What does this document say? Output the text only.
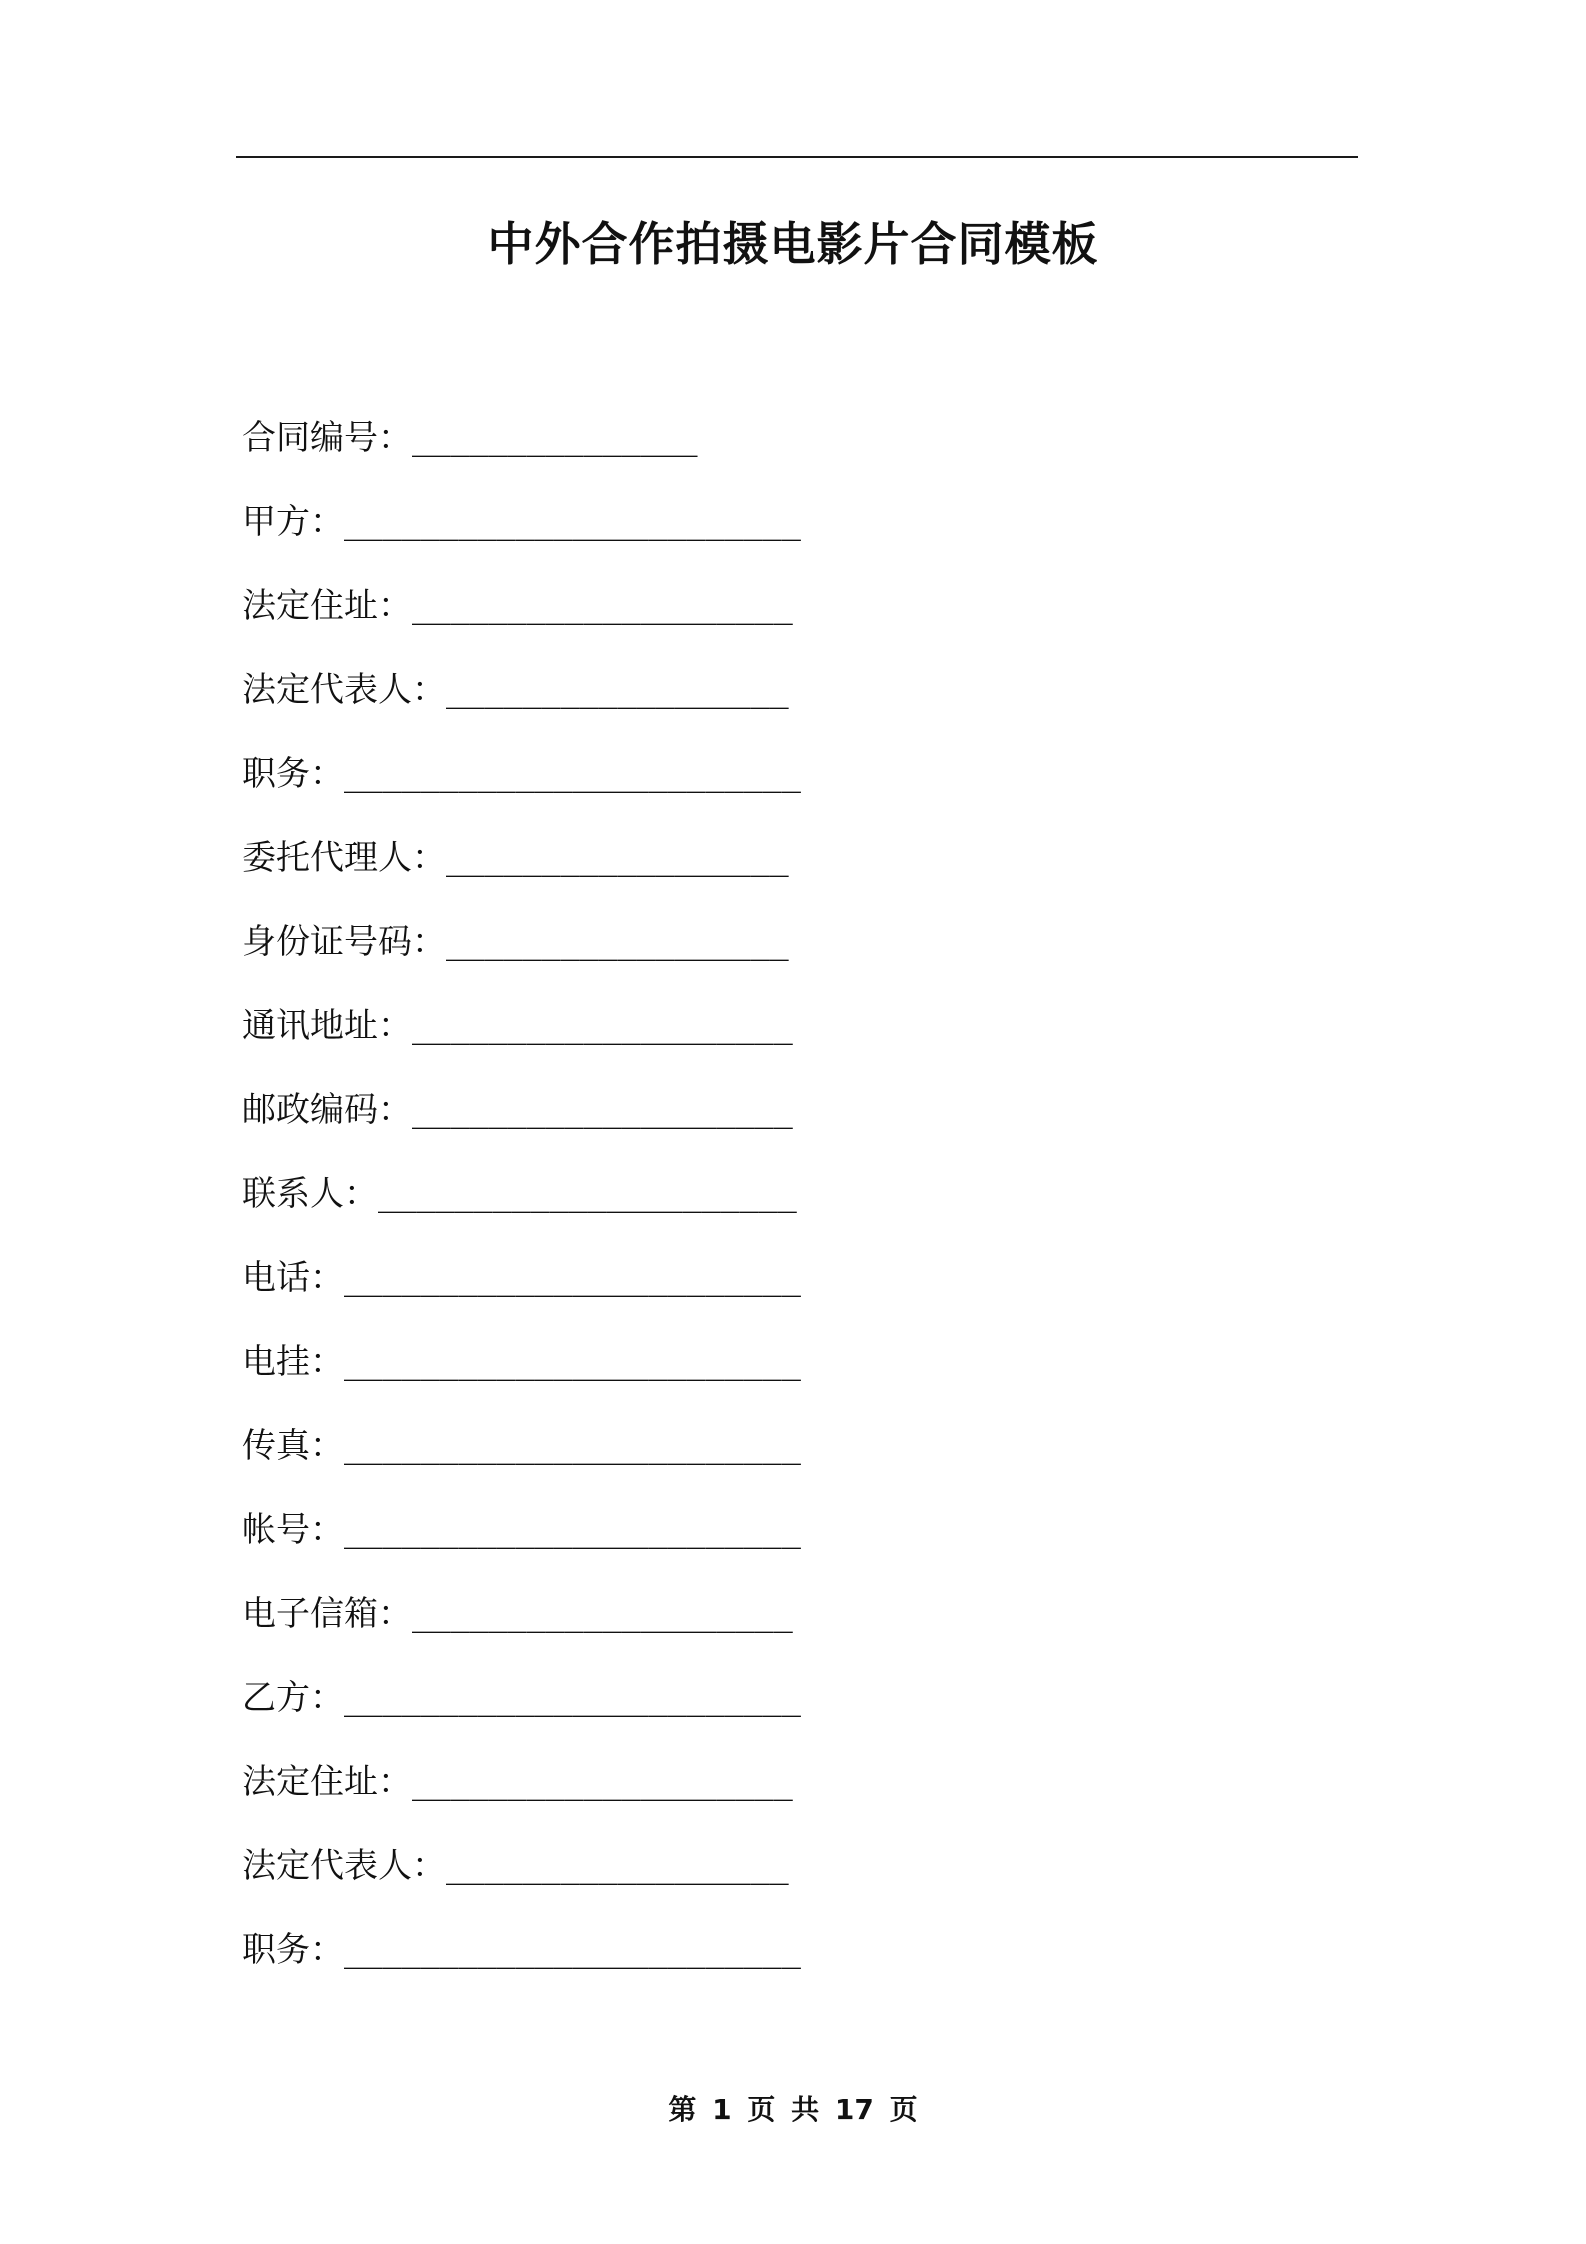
中外合作拍摄电影片合同模板
合同编号： _______________
甲方： ________________________
法定住址： ____________________
法定代表人： __________________
职务： ________________________
委托代理人： __________________
身份证号码： __________________
通讯地址： ____________________
邮政编码： ____________________
联系人： ______________________
电话： ________________________
电挂： ________________________
传真： ________________________
帐号： ________________________
电子信箱： ____________________
乙方： ________________________
法定住址： ____________________
法定代表人： __________________
职务： ________________________
第 1 页 共 17 页
